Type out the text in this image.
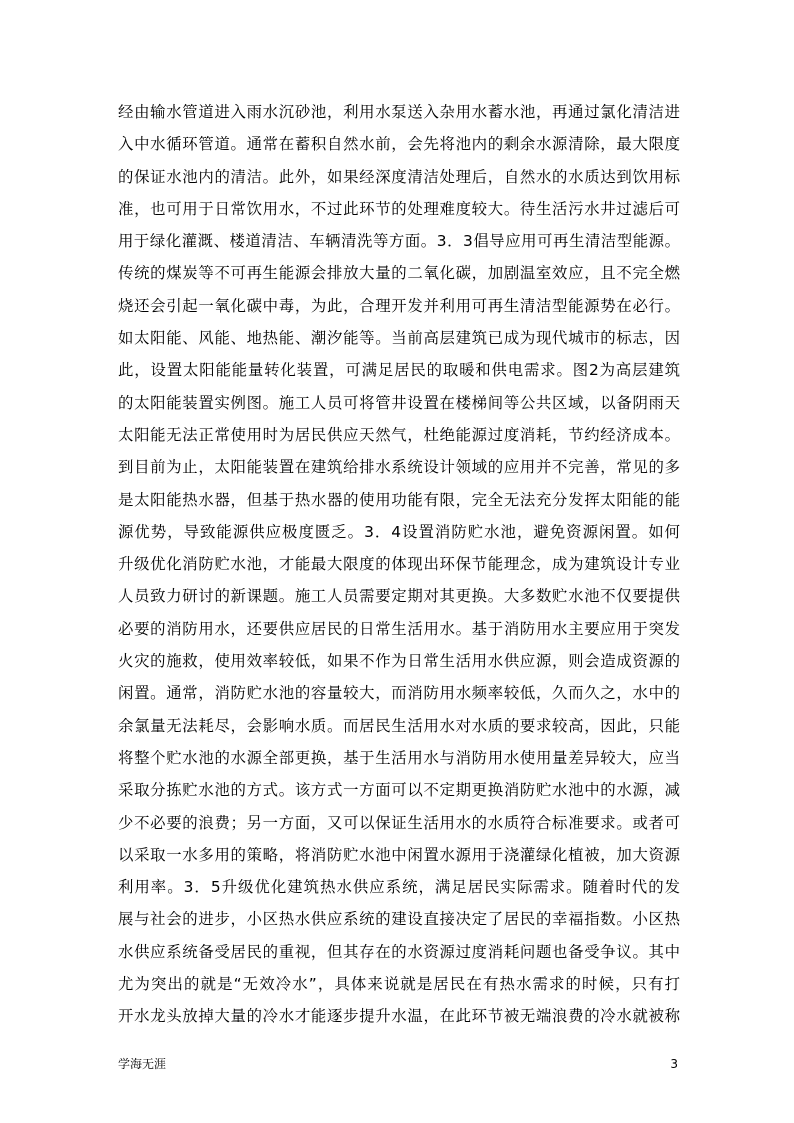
经由输水管道进入雨水沉砂池，利用水泵送入杂用水蓄水池，再通过氯化清洁进
入中水循环管道。通常在蓄积自然水前，会先将池内的剩余水源清除，最大限度
的保证水池内的清洁。此外，如果经深度清洁处理后，自然水的水质达到饮用标
准，也可用于日常饮用水，不过此环节的处理难度较大。待生活污水井过滤后可
用于绿化灌溉、楼道清洁、车辆清洗等方面。3．3倡导应用可再生清洁型能源。
传统的煤炭等不可再生能源会排放大量的二氧化碳，加剧温室效应，且不完全燃
烧还会引起一氧化碳中毒，为此，合理开发并利用可再生清洁型能源势在必行。
如太阳能、风能、地热能、潮汐能等。当前高层建筑已成为现代城市的标志，因
此，设置太阳能能量转化装置，可满足居民的取暖和供电需求。图2为高层建筑
的太阳能装置实例图。施工人员可将管井设置在楼梯间等公共区域，以备阴雨天
太阳能无法正常使用时为居民供应天然气，杜绝能源过度消耗，节约经济成本。
到目前为止，太阳能装置在建筑给排水系统设计领域的应用并不完善，常见的多
是太阳能热水器，但基于热水器的使用功能有限，完全无法充分发挥太阳能的能
源优势，导致能源供应极度匮乏。3．4设置消防贮水池，避免资源闲置。如何
升级优化消防贮水池，才能最大限度的体现出环保节能理念，成为建筑设计专业
人员致力研讨的新课题。施工人员需要定期对其更换。大多数贮水池不仅要提供
必要的消防用水，还要供应居民的日常生活用水。基于消防用水主要应用于突发
火灾的施救，使用效率较低，如果不作为日常生活用水供应源，则会造成资源的
闲置。通常，消防贮水池的容量较大，而消防用水频率较低，久而久之，水中的
余氯量无法耗尽，会影响水质。而居民生活用水对水质的要求较高，因此，只能
将整个贮水池的水源全部更换，基于生活用水与消防用水使用量差异较大，应当
采取分拣贮水池的方式。该方式一方面可以不定期更换消防贮水池中的水源，减
少不必要的浪费；另一方面，又可以保证生活用水的水质符合标准要求。或者可
以采取一水多用的策略，将消防贮水池中闲置水源用于浇灌绿化植被，加大资源
利用率。3．5升级优化建筑热水供应系统，满足居民实际需求。随着时代的发
展与社会的进步，小区热水供应系统的建设直接决定了居民的幸福指数。小区热
水供应系统备受居民的重视，但其存在的水资源过度消耗问题也备受争议。其中
尤为突出的就是“无效冷水”，具体来说就是居民在有热水需求的时候，只有打
开水龙头放掉大量的冷水才能逐步提升水温，在此环节被无端浪费的冷水就被称
学海无涯	3
